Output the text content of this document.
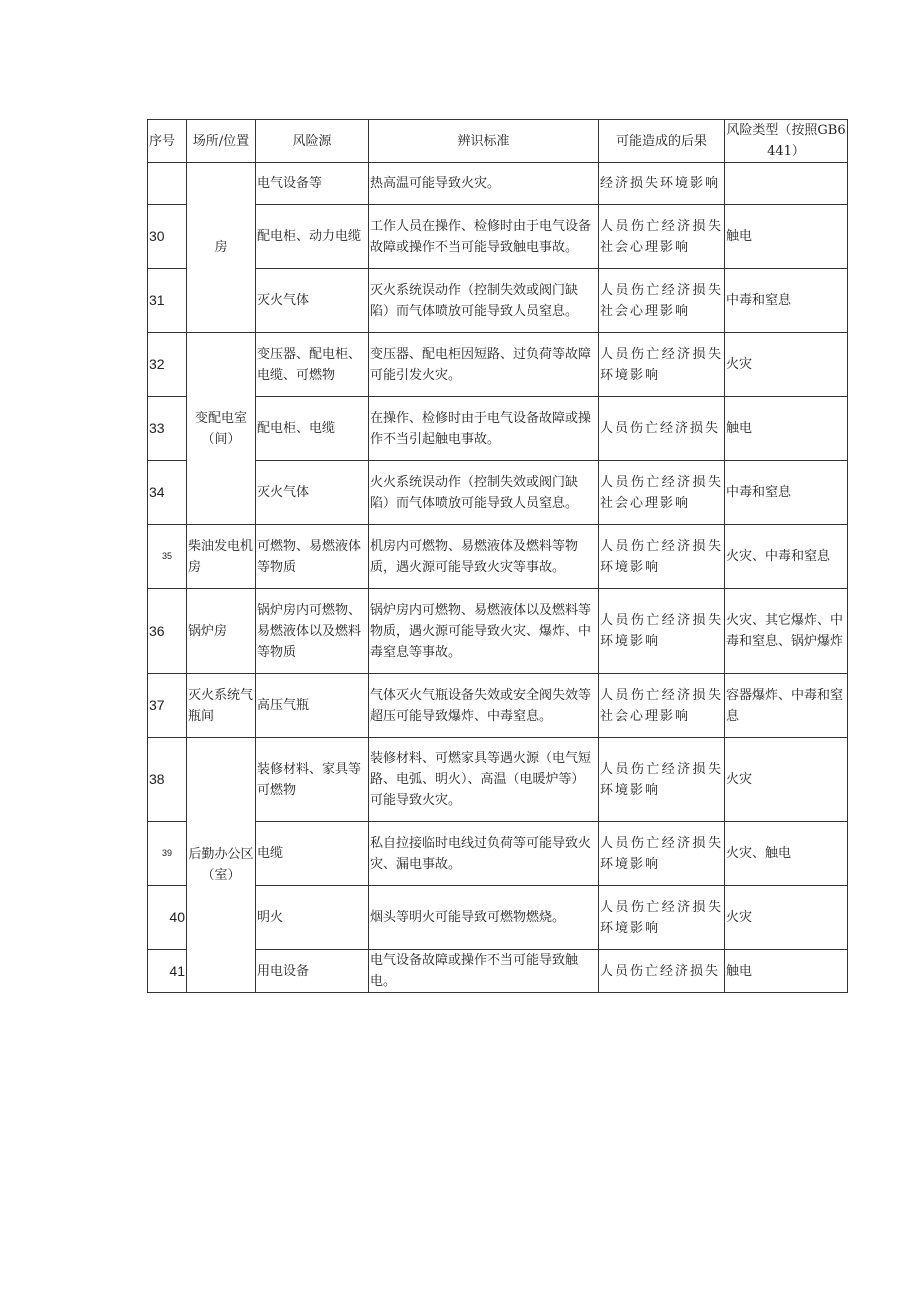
序号	场所/位置	风险源	辨识标准	可能造成的后果	风险类型（按照GB6441）
	房	电气设备等	热高温可能导致火灾。	经济损失环境影响	
30		配电柜、动力电缆	工作人员在操作、检修时由于电气设备故障或操作不当可能导致触电事故。	人员伤亡经济损失社会心理影响	触电
31		灭火气体	灭火系统误动作（控制失效或阀门缺陷）而气体喷放可能导致人员窒息。	人员伤亡经济损失社会心理影响	中毒和窒息
32	变配电室（间）	变压器、配电柜、电缆、可燃物	变压器、配电柜因短路、过负荷等故障可能引发火灾。	人员伤亡经济损失环境影响	火灾
33		配电柜、电缆	在操作、检修时由于电气设备故障或操作不当引起触电事故。	人员伤亡经济损失	触电
34		灭火气体	火火系统误动作（控制失效或阀门缺陷）而气体喷放可能导致人员窒息。	人员伤亡经济损失社会心理影响	中毒和窒息
35	柴油发电机房	可燃物、易燃液体等物质	机房内可燃物、易燃液体及燃料等物质，遇火源可能导致火灾等事故。	人员伤亡经济损失环境影响	火灾、中毒和窒息
36	锅炉房	锅炉房内可燃物、易燃液体以及燃料等物质	锅炉房内可燃物、易燃液体以及燃料等物质，遇火源可能导致火灾、爆炸、中毒窒息等事故。	人员伤亡经济损失环境影响	火灾、其它爆炸、中毒和窒息、锅炉爆炸
37	灭火系统气瓶间	高压气瓶	气体灭火气瓶设备失效或安全阀失效等超压可能导致爆炸、中毒窒息。	人员伤亡经济损失社会心理影响	容器爆炸、中毒和窒息
38	后勤办公区（室）	装修材料、家具等可燃物	装修材料、可燃家具等遇火源（电气短路、电弧、明火）、高温（电暖炉等）可能导致火灾。	人员伤亡经济损失环境影响	火灾
39		电缆	私自拉接临时电线过负荷等可能导致火灾、漏电事故。	人员伤亡经济损失环境影响	火灾、触电
40		明火	烟头等明火可能导致可燃物燃烧。	人员伤亡经济损失环境影响	火灾
41		用电设备	电气设备故障或操作不当可能导致触电。	人员伤亡经济损失	触电
